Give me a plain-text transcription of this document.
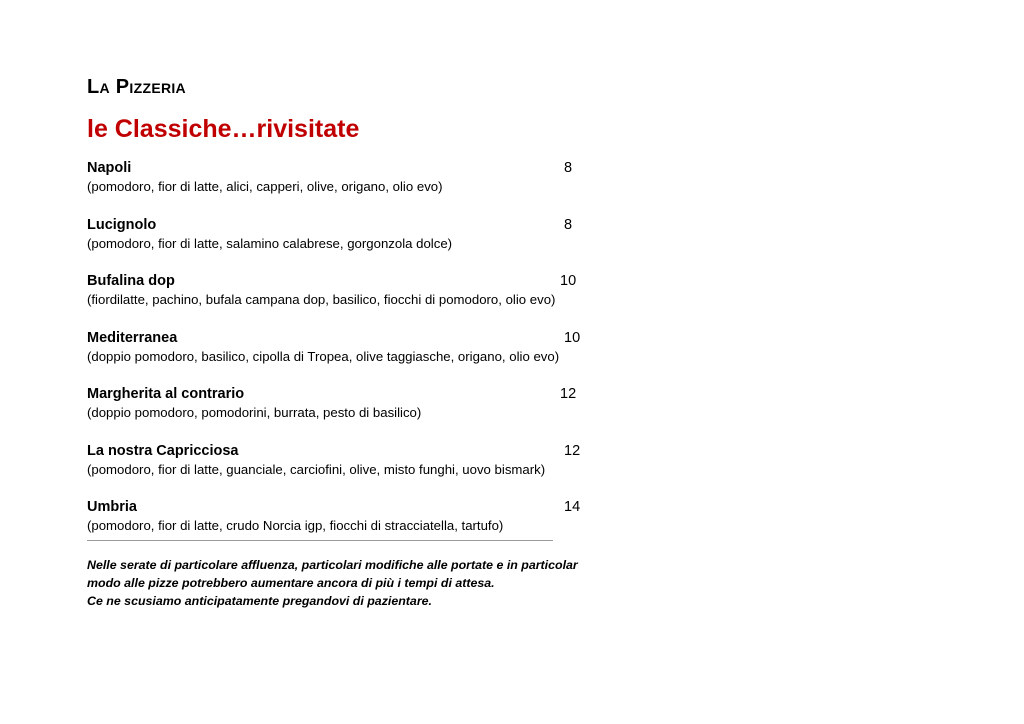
La Pizzeria
le Classiche…rivisitate
Napoli	8
(pomodoro, fior di latte, alici, capperi, olive, origano, olio evo)
Lucignolo	8
(pomodoro, fior di latte, salamino calabrese, gorgonzola dolce)
Bufalina dop	10
(fiordilatte, pachino, bufala campana dop, basilico, fiocchi di pomodoro, olio evo)
Mediterranea	10
(doppio pomodoro, basilico, cipolla di Tropea, olive taggiasche, origano, olio evo)
Margherita al contrario	12
(doppio pomodoro, pomodorini, burrata, pesto di basilico)
La nostra Capricciosa	12
(pomodoro, fior di latte, guanciale, carciofini, olive, misto funghi, uovo bismark)
Umbria	14
(pomodoro, fior di latte, crudo Norcia igp, fiocchi di stracciatella, tartufo)

Nelle serate di particolare affluenza, particolari modifiche alle portate e in particolar
modo alle pizze potrebbero aumentare ancora di più i tempi di attesa.
Ce ne scusiamo anticipatamente pregandovi di pazientare.
